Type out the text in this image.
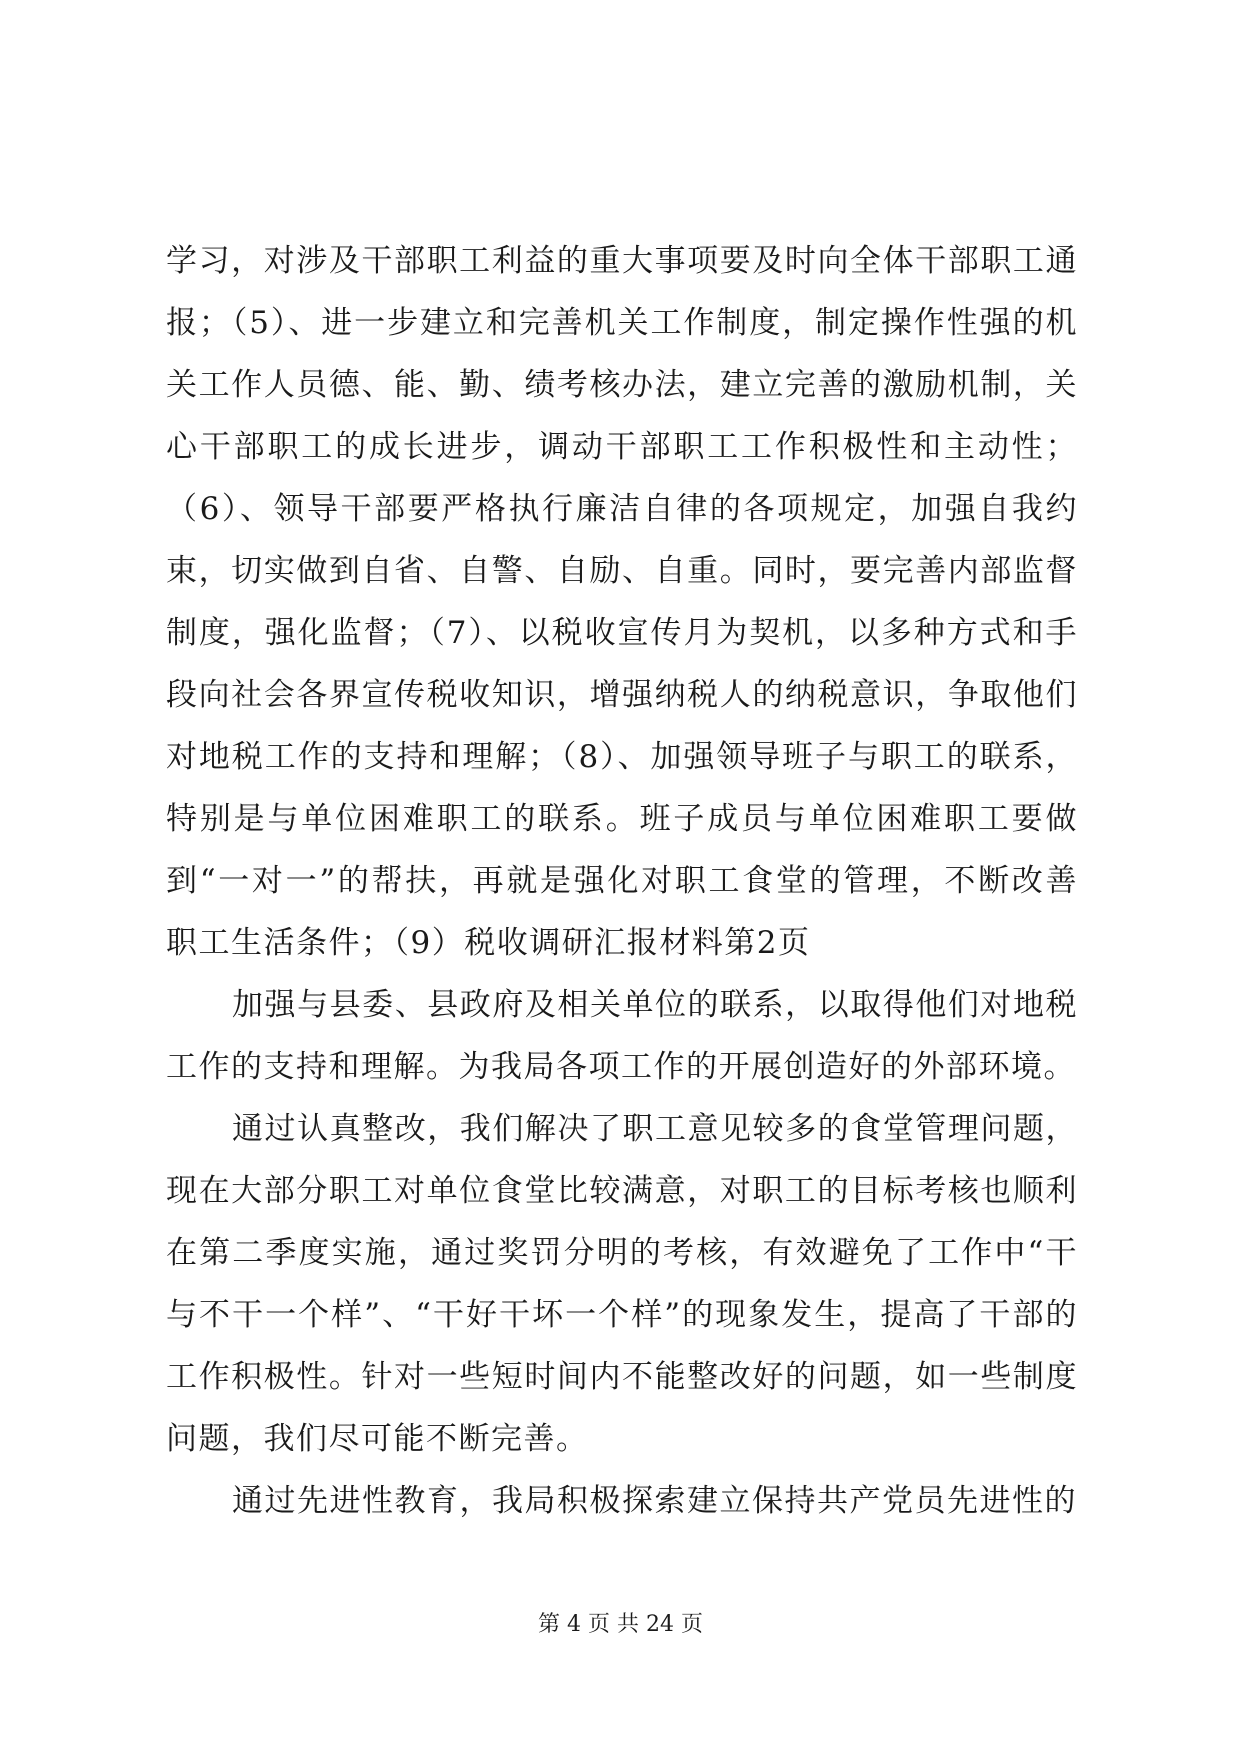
学习，对涉及干部职工利益的重大事项要及时向全体干部职工通报；（5）、进一步建立和完善机关工作制度，制定操作性强的机关工作人员德、能、勤、绩考核办法，建立完善的激励机制，关心干部职工的成长进步，调动干部职工工作积极性和主动性；（6）、领导干部要严格执行廉洁自律的各项规定，加强自我约束，切实做到自省、自警、自励、自重。同时，要完善内部监督制度，强化监督；（7）、以税收宣传月为契机，以多种方式和手段向社会各界宣传税收知识，增强纳税人的纳税意识，争取他们对地税工作的支持和理解；（8）、加强领导班子与职工的联系，特别是与单位困难职工的联系。班子成员与单位困难职工要做到“一对一”的帮扶，再就是强化对职工食堂的管理，不断改善职工生活条件；（9）税收调研汇报材料第2页

加强与县委、县政府及相关单位的联系，以取得他们对地税工作的支持和理解。为我局各项工作的开展创造好的外部环境。

通过认真整改，我们解决了职工意见较多的食堂管理问题，现在大部分职工对单位食堂比较满意，对职工的目标考核也顺利在第二季度实施，通过奖罚分明的考核，有效避免了工作中“干与不干一个样”、“干好干坏一个样”的现象发生，提高了干部的工作积极性。针对一些短时间内不能整改好的问题，如一些制度问题，我们尽可能不断完善。

通过先进性教育，我局积极探索建立保持共产党员先进性的

第 4 页 共 24 页
